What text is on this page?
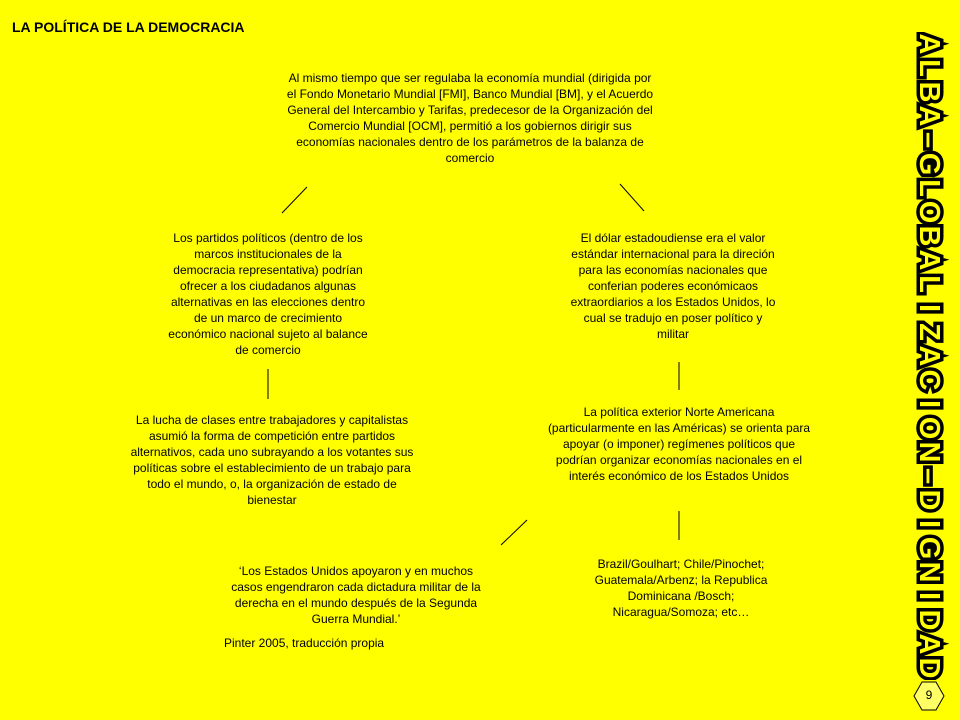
LA POLÍTICA DE LA DEMOCRACIA
Al mismo tiempo que ser regulaba la economía mundial (dirigida por el Fondo Monetario Mundial [FMI], Banco Mundial [BM], y el Acuerdo General del Intercambio y Tarifas, predecesor de la Organización del Comercio Mundial [OCM], permitió a los gobiernos dirigir sus economías nacionales dentro de los parámetros de la balanza de comercio
Los partidos políticos (dentro de los marcos institucionales de la democracia representativa) podrían ofrecer a los ciudadanos algunas alternativas en las elecciones dentro de un marco de crecimiento económico nacional sujeto al balance de comercio
El dólar estadoudiense era el valor estándar internacional para la direción para las economías nacionales que conferian poderes económicaos extraordiarios a los Estados Unidos, lo cual se tradujo en poser político y militar
La lucha de clases entre trabajadores y capitalistas asumió la forma de competición entre partidos alternativos, cada uno subrayando a los votantes sus políticas sobre el establecimiento de un trabajo para todo el mundo, o, la organización de estado de bienestar
La política exterior Norte Americana (particularmente en las Américas) se orienta para apoyar (o imponer) regímenes políticos que podrían organizar economías nacionales en el interés económico de los Estados Unidos
‘Los Estados Unidos apoyaron y en muchos casos engendraron cada dictadura militar de la derecha en el mundo después de la Segunda Guerra Mundial.’
Pinter 2005, traducción propia
Brazil/Goulhart; Chile/Pinochet; Guatemala/Arbenz; la Republica Dominicana /Bosch; Nicaragua/Somoza; etc…
A
L
B
A
–
G
L
O
B
A
L
I
Z
A
C
I
O
N
–
D
I
G
N
I
D
A
D
9
